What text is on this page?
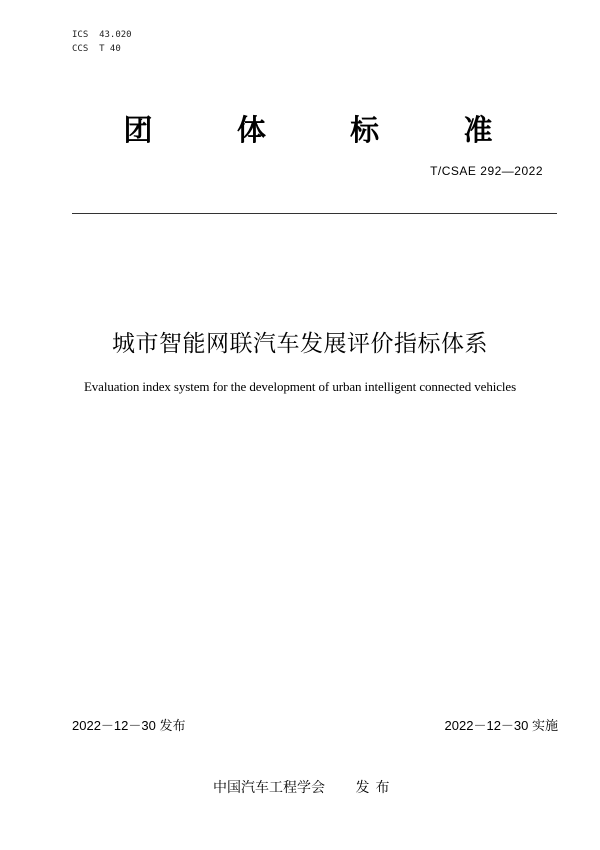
ICS  43.020
CCS  T 40
团	体	标	准
T/CSAE 292—2022
城市智能网联汽车发展评价指标体系
Evaluation index system for the development of urban intelligent connected vehicles
2022－12－30 发布	2022－12－30 实施
中国汽车工程学会 发布
